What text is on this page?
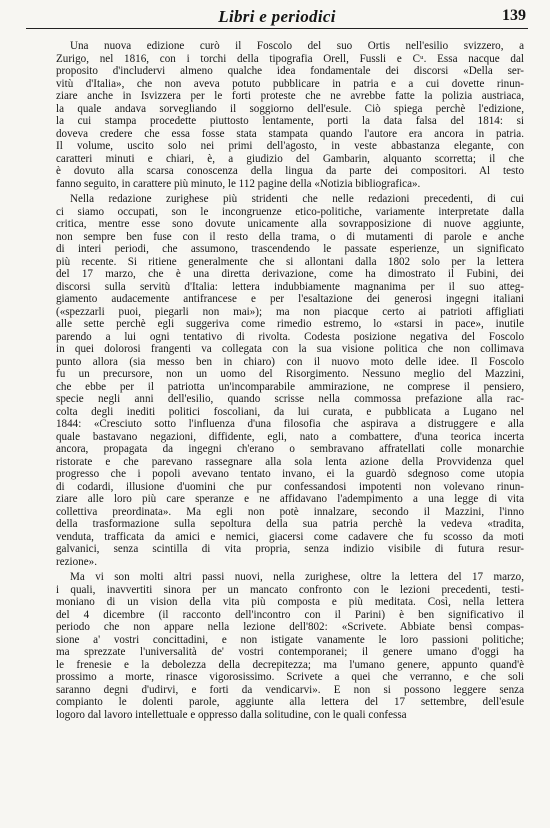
Libri e periodici	139
Una nuova edizione curò il Foscolo del suo Ortis nell'esilio svizzero, a
Zurigo, nel 1816, con i torchi della tipografia Orell, Fussli e Cᵘ. Essa nacque dal
proposito d'includervi almeno qualche idea fondamentale dei discorsi «Della ser-
vitù d'Italia», che non aveva potuto pubblicare in patria e a cui dovette rinun-
ziare anche in Isvizzera per le forti proteste che ne avrebbe fatte la polizia austriaca,
la quale andava sorvegliando il soggiorno dell'esule. Ciò spiega perchè l'edizione,
la cui stampa procedette piuttosto lentamente, porti la data falsa del 1814: si
doveva credere che essa fosse stata stampata quando l'autore era ancora in patria.
Il volume, uscito solo nei primi dell'agosto, in veste abbastanza elegante, con
caratteri minuti e chiari, è, a giudizio del Gambarin, alquanto scorretta; il che
è dovuto alla scarsa conoscenza della lingua da parte dei compositori. Al testo
fanno seguito, in carattere più minuto, le 112 pagine della «Notizia bibliografica».
Nella redazione zurighese più stridenti che nelle redazioni precedenti, di cui
ci siamo occupati, son le incongruenze etico-politiche, variamente interpretate dalla
critica, mentre esse sono dovute unicamente alla sovrapposizione di nuove aggiunte,
non sempre ben fuse con il resto della trama, o di mutamenti di parole e anche
di interi periodi, che assumono, trascendendo le passate esperienze, un significato
più recente. Si ritiene generalmente che si allontani dalla 1802 solo per la lettera
del 17 marzo, che è una diretta derivazione, come ha dimostrato il Fubini, dei
discorsi sulla servitù d'Italia: lettera indubbiamente magnanima per il suo atteg-
giamento audacemente antifrancese e per l'esaltazione dei generosi ingegni italiani
(«spezzarli puoi, piegarli non mai»); ma non piacque certo ai patrioti affigliati
alle sette perchè egli suggeriva come rimedio estremo, lo «starsi in pace», inutile
parendo a lui ogni tentativo di rivolta. Codesta posizione negativa del Foscolo
in quei dolorosi frangenti va collegata con la sua visione politica che non collimava
punto allora (sia messo ben in chiaro) con il nuovo moto delle idee. Il Foscolo
fu un precursore, non un uomo del Risorgimento. Nessuno meglio del Mazzini,
che ebbe per il patriotta un'incomparabile ammirazione, ne comprese il pensiero,
specie negli anni dell'esilio, quando scrisse nella commossa prefazione alla rac-
colta degli inediti politici foscoliani, da lui curata, e pubblicata a Lugano nel
1844: «Cresciuto sotto l'influenza d'una filosofia che aspirava a distruggere e alla
quale bastavano negazioni, diffidente, egli, nato a combattere, d'una teorica incerta
ancora, propagata da ingegni ch'erano o sembravano affratellati colle monarchie
ristorate e che parevano rassegnare alla sola lenta azione della Provvidenza quel
progresso che i popoli avevano tentato invano, ei la guardò sdegnoso come utopia
di codardi, illusione d'uomini che pur confessandosi impotenti non volevano rinun-
ziare alle loro più care speranze e ne affidavano l'adempimento a una legge di vita
collettiva preordinata». Ma egli non potè innalzare, secondo il Mazzini, l'inno
della trasformazione sulla sepoltura della sua patria perchè la vedeva «tradita,
venduta, trafficata da amici e nemici, giacersi come cadavere che fu scosso da moti
galvanici, senza scintilla di vita propria, senza indizio visibile di futura resur-
rezione».
Ma vi son molti altri passi nuovi, nella zurighese, oltre la lettera del 17 marzo,
i quali, inavvertiti sinora per un mancato confronto con le lezioni precedenti, testi-
moniano di un vision della vita più composta e più meditata. Così, nella lettera
del 4 dicembre (il racconto dell'incontro con il Parini) è ben significativo il
periodo che non appare nella lezione dell'802: «Scrivete. Abbiate bensì compas-
sione a' vostri concittadini, e non istigate vanamente le loro passioni politiche;
ma sprezzate l'universalità de' vostri contemporanei; il genere umano d'oggi ha
le frenesie e la debolezza della decrepitezza; ma l'umano genere, appunto quand'è
prossimo a morte, rinasce vigorosissimo. Scrivete a quei che verranno, e che soli
saranno degni d'udirvi, e forti da vendicarvi». E non si possono leggere senza
compianto le dolenti parole, aggiunte alla lettera del 17 settembre, dell'esule
logoro dal lavoro intellettuale e oppresso dalla solitudine, con le quali confessa
